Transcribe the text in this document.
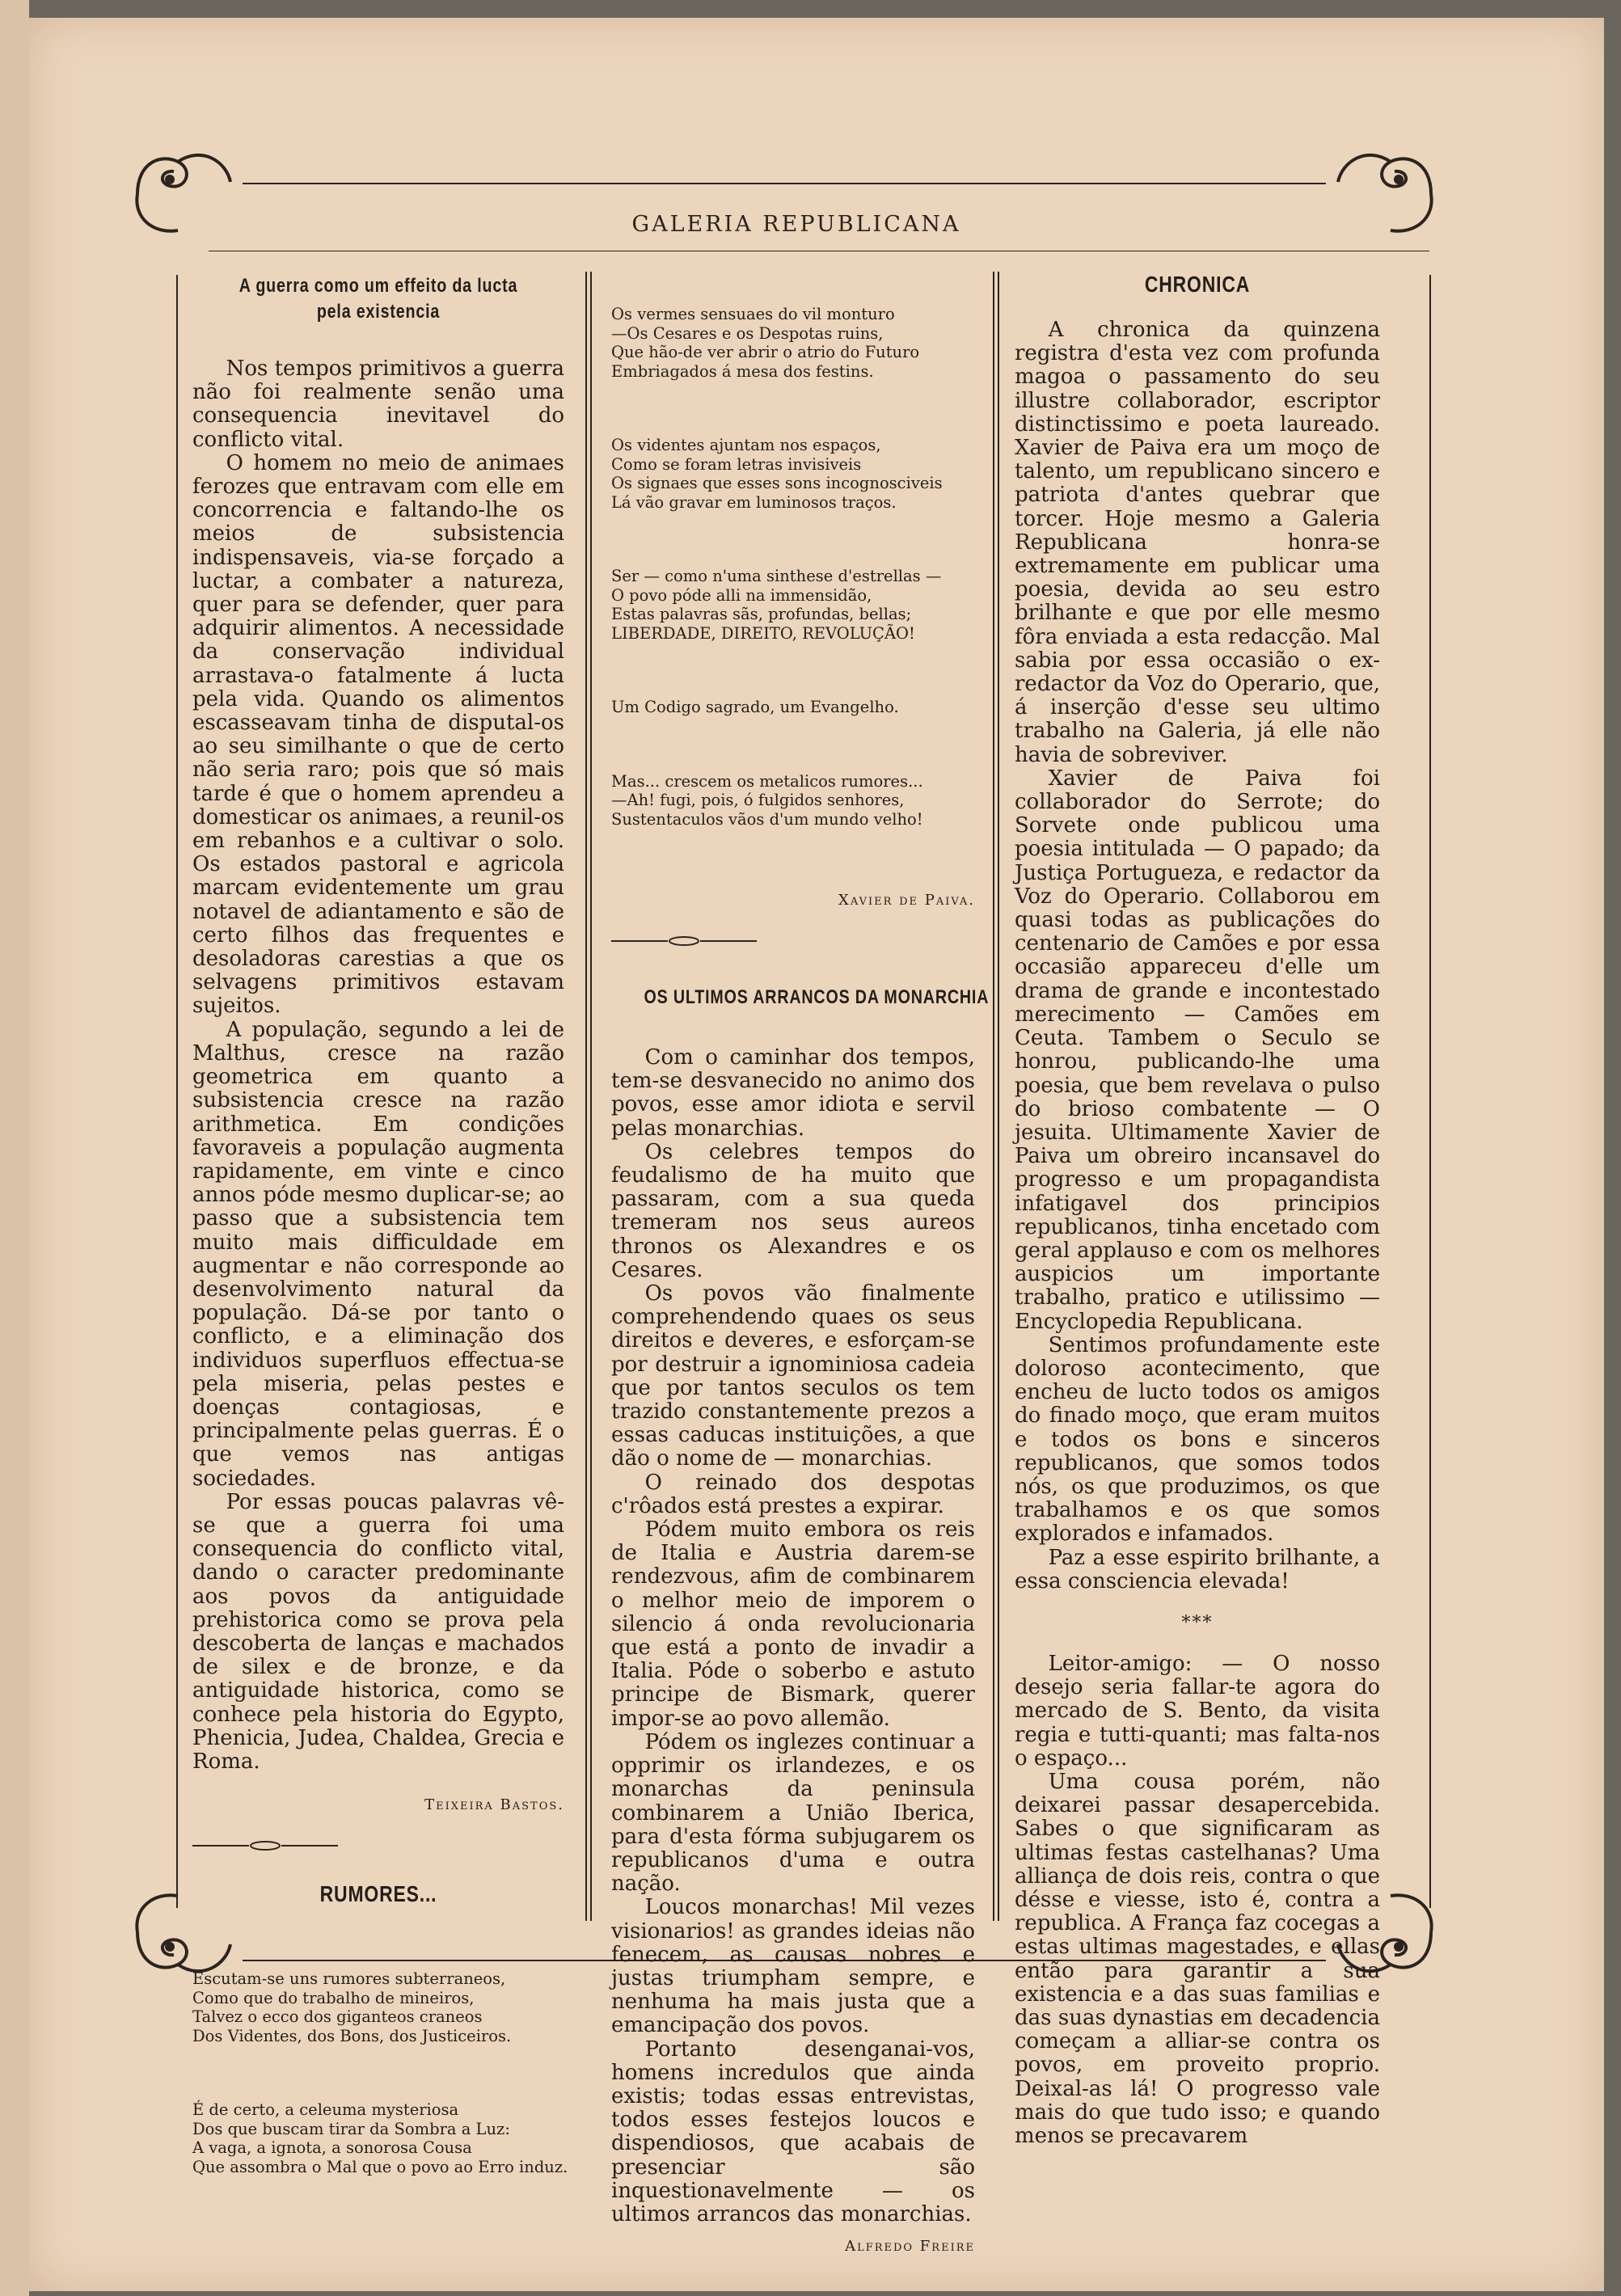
GALERIA REPUBLICANA
A guerra como um effeito da lucta pela existencia

Nos tempos primitivos a guerra não foi realmente senão uma consequencia inevitavel do conflicto vital.

O homem no meio de animaes ferozes que entravam com elle em concorrencia e faltando-lhe os meios de subsistencia indispensaveis, via-se forçado a luctar, a combater a natureza, quer para se defender, quer para adquirir alimentos. A necessidade da conservação individual arrastava-o fatalmente á lucta pela vida. Quando os alimentos escasseavam tinha de disputal-os ao seu similhante o que de certo não seria raro; pois que só mais tarde é que o homem aprendeu a domesticar os animaes, a reunil-os em rebanhos e a cultivar o solo. Os estados pastoral e agricola marcam evidentemente um grau notavel de adiantamento e são de certo filhos das frequentes e desoladoras carestias a que os selvagens primitivos estavam sujeitos.

A população, segundo a lei de Malthus, cresce na razão geometrica em quanto a subsistencia cresce na razão arithmetica. Em condições favoraveis a população augmenta rapidamente, em vinte e cinco annos póde mesmo duplicar-se; ao passo que a subsistencia tem muito mais difficuldade em augmentar e não corresponde ao desenvolvimento natural da população. Dá-se por tanto o conflicto, e a eliminação dos individuos superfluos effectua-se pela miseria, pelas pestes e doenças contagiosas, e principalmente pelas guerras. É o que vemos nas antigas sociedades.

Por essas poucas palavras vê-se que a guerra foi uma consequencia do conflicto vital, dando o caracter predominante aos povos da antiguidade prehistorica como se prova pela descoberta de lanças e machados de silex e de bronze, e da antiguidade historica, como se conhece pela historia do Egypto, Phenicia, Judea, Chaldea, Grecia e Roma.

Teixeira Bastos.
RUMORES...

Escutam-se uns rumores subterraneos,
Como que do trabalho de mineiros,
Talvez o ecco dos giganteos craneos
Dos Videntes, dos Bons, dos Justiceiros.

É de certo, a celeuma mysteriosa
Dos que buscam tirar da Sombra a Luz:
A vaga, a ignota, a sonorosa Cousa
Que assombra o Mal que o povo ao Erro induz.

Os vermes sensuaes do vil monturo
—Os Cesares e os Despotas ruins,
Que hão-de ver abrir o atrio do Futuro
Embriagados á mesa dos festins.

Os videntes ajuntam nos espaços,
Como se foram letras invisiveis
Os signaes que esses sons incognosciveis
Lá vão gravar em luminosos traços.

Ser — como n'uma sinthese d'estrellas —
O povo póde alli na immensidão,
Estas palavras sãs, profundas, bellas;
LIBERDADE, DIREITO, REVOLUÇÃO!

Um Codigo sagrado, um Evangelho.

Mas... crescem os metalicos rumores...
—Ah! fugi, pois, ó fulgidos senhores,
Sustentaculos vãos d'um mundo velho!

Xavier de Paiva.
OS ULTIMOS ARRANCOS DA MONARCHIA

Com o caminhar dos tempos, tem-se desvanecido no animo dos povos, esse amor idiota e servil pelas monarchias.

Os celebres tempos do feudalismo de ha muito que passaram, com a sua queda tremeram nos seus aureos thronos os Alexandres e os Cesares.

Os povos vão finalmente comprehendendo quaes os seus direitos e deveres, e esforçam-se por destruir a ignominiosa cadeia que por tantos seculos os tem trazido constantemente prezos a essas caducas instituições, a que dão o nome de — monarchias.

O reinado dos despotas c'rôados está prestes a expirar.

Pódem muito embora os reis de Italia e Austria darem-se rendezvous, afim de combinarem o melhor meio de imporem o silencio á onda revolucionaria que está a ponto de invadir a Italia. Póde o soberbo e astuto principe de Bismark, querer impor-se ao povo allemão.

Pódem os inglezes continuar a opprimir os irlandezes, e os monarchas da peninsula combinarem a União Iberica, para d'esta fórma subjugarem os republicanos d'uma e outra nação.

Loucos monarchas! Mil vezes visionarios! as grandes ideias não fenecem, as causas nobres e justas triumpham sempre, e nenhuma ha mais justa que a emancipação dos povos.

Portanto desenganai-vos, homens incredulos que ainda existis; todas essas entrevistas, todos esses festejos loucos e dispendiosos, que acabais de presenciar são inquestionavelmente — os ultimos arrancos das monarchias.

Alfredo Freire
CHRONICA

A chronica da quinzena registra d'esta vez com profunda magoa o passamento do seu illustre collaborador, escriptor distinctissimo e poeta laureado. Xavier de Paiva era um moço de talento, um republicano sincero e patriota d'antes quebrar que torcer. Hoje mesmo a Galeria Republicana honra-se extremamente em publicar uma poesia, devida ao seu estro brilhante e que por elle mesmo fôra enviada a esta redacção. Mal sabia por essa occasião o ex-redactor da Voz do Operario, que, á inserção d'esse seu ultimo trabalho na Galeria, já elle não havia de sobreviver.

Xavier de Paiva foi collaborador do Serrote; do Sorvete onde publicou uma poesia intitulada — O papado; da Justiça Portugueza, e redactor da Voz do Operario. Collaborou em quasi todas as publicações do centenario de Camões e por essa occasião appareceu d'elle um drama de grande e incontestado merecimento — Camões em Ceuta. Tambem o Seculo se honrou, publicando-lhe uma poesia, que bem revelava o pulso do brioso combatente — O jesuita. Ultimamente Xavier de Paiva um obreiro incansavel do progresso e um propagandista infatigavel dos principios republicanos, tinha encetado com geral applauso e com os melhores auspicios um importante trabalho, pratico e utilissimo — Encyclopedia Republicana.

Sentimos profundamente este doloroso acontecimento, que encheu de lucto todos os amigos do finado moço, que eram muitos e todos os bons e sinceros republicanos, que somos todos nós, os que produzimos, os que trabalhamos e os que somos explorados e infamados.

Paz a esse espirito brilhante, a essa consciencia elevada!

***

Leitor-amigo: — O nosso desejo seria fallar-te agora do mercado de S. Bento, da visita regia e tutti-quanti; mas falta-nos o espaço...

Uma cousa porém, não deixarei passar desapercebida. Sabes o que significaram as ultimas festas castelhanas? Uma alliança de dois reis, contra o que désse e viesse, isto é, contra a republica. A França faz cocegas a estas ultimas magestades, e ellas então para garantir a sua existencia e a das suas familias e das suas dynastias em decadencia começam a alliar-se contra os povos, em proveito proprio. Deixal-as lá! O progresso vale mais do que tudo isso; e quando menos se precavarem
